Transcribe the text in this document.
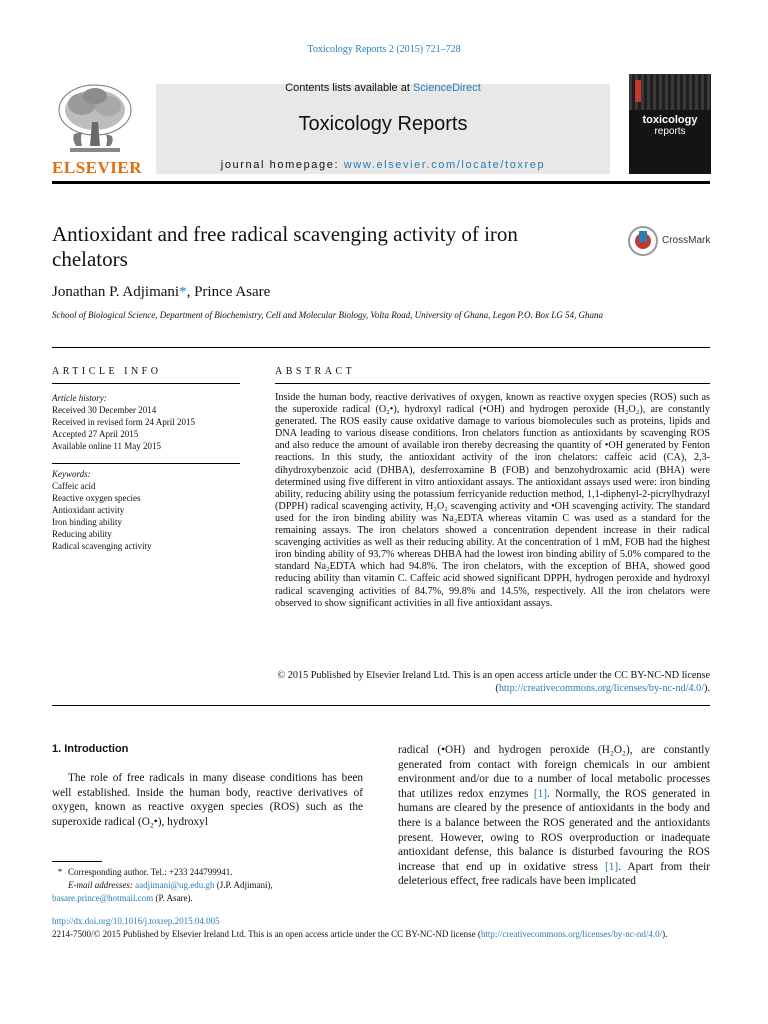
Toxicology Reports 2 (2015) 721–728
Contents lists available at ScienceDirect
Toxicology Reports
journal homepage: www.elsevier.com/locate/toxrep
ELSEVIER
toxicology
reports
Antioxidant and free radical scavenging activity of iron chelators
CrossMark
Jonathan P. Adjimani*, Prince Asare
School of Biological Science, Department of Biochemistry, Cell and Molecular Biology, Volta Road, University of Ghana, Legon P.O. Box LG 54, Ghana
ARTICLE INFO
Article history:
Received 30 December 2014
Received in revised form 24 April 2015
Accepted 27 April 2015
Available online 11 May 2015
Keywords:
Caffeic acid
Reactive oxygen species
Antioxidant activity
Iron binding ability
Reducing ability
Radical scavenging activity
ABSTRACT
Inside the human body, reactive derivatives of oxygen, known as reactive oxygen species (ROS) such as the superoxide radical (O₂•), hydroxyl radical (•OH) and hydrogen peroxide (H₂O₂), are constantly generated. The ROS easily cause oxidative damage to various biomolecules such as proteins, lipids and DNA leading to various disease conditions. Iron chelators function as antioxidants by scavenging ROS and also reduce the amount of available iron thereby decreasing the quantity of •OH generated by Fenton reactions. In this study, the antioxidant activity of the iron chelators: caffeic acid (CA), 2,3-dihydroxybenzoic acid (DHBA), desferroxamine B (FOB) and benzohydroxamic acid (BHA) were determined using five different in vitro antioxidant assays. The antioxidant assays used were: iron binding ability, reducing ability using the potassium ferricyanide reduction method, 1,1-diphenyl-2-picrylhydrazyl (DPPH) radical scavenging activity, H₂O₂ scavenging activity and •OH scavenging activity. The standard used for the iron binding ability was Na₂EDTA whereas vitamin C was used as a standard for the remaining assays. The iron chelators showed a concentration dependent increase in their radical scavenging activities as well as their reducing ability. At the concentration of 1 mM, FOB had the highest iron binding ability of 93.7% whereas DHBA had the lowest iron binding ability of 5.0% compared to the standard Na₂EDTA which had 94.8%. The iron chelators, with the exception of BHA, showed good reducing ability than vitamin C. Caffeic acid showed significant DPPH, hydrogen peroxide and hydroxyl radical scavenging activities of 84.7%, 99.8% and 14.5%, respectively. All the iron chelators were observed to show significant activities in all five antioxidant assays.
© 2015 Published by Elsevier Ireland Ltd. This is an open access article under the CC BY-NC-ND license (http://creativecommons.org/licenses/by-nc-nd/4.0/).
1. Introduction
The role of free radicals in many disease conditions has been well established. Inside the human body, reactive derivatives of oxygen, known as reactive oxygen species (ROS) such as the superoxide radical (O₂•), hydroxyl
radical (•OH) and hydrogen peroxide (H₂O₂), are constantly generated from contact with foreign chemicals in our ambient environment and/or due to a number of local metabolic processes that utilizes redox enzymes [1]. Normally, the ROS generated in humans are cleared by the presence of antioxidants in the body and there is a balance between the ROS generated and the antioxidants present. However, owing to ROS overproduction or inadequate antioxidant defense, this balance is disturbed favouring the ROS increase that end up in oxidative stress [1]. Apart from their deleterious effect, free radicals have been implicated
* Corresponding author. Tel.: +233 244799941.
E-mail addresses: aadjimani@ug.edu.gh (J.P. Adjimani),
basare.prince@hotmail.com (P. Asare).
http://dx.doi.org/10.1016/j.toxrep.2015.04.005
2214-7500/© 2015 Published by Elsevier Ireland Ltd. This is an open access article under the CC BY-NC-ND license (http://creativecommons.org/licenses/by-nc-nd/4.0/).
